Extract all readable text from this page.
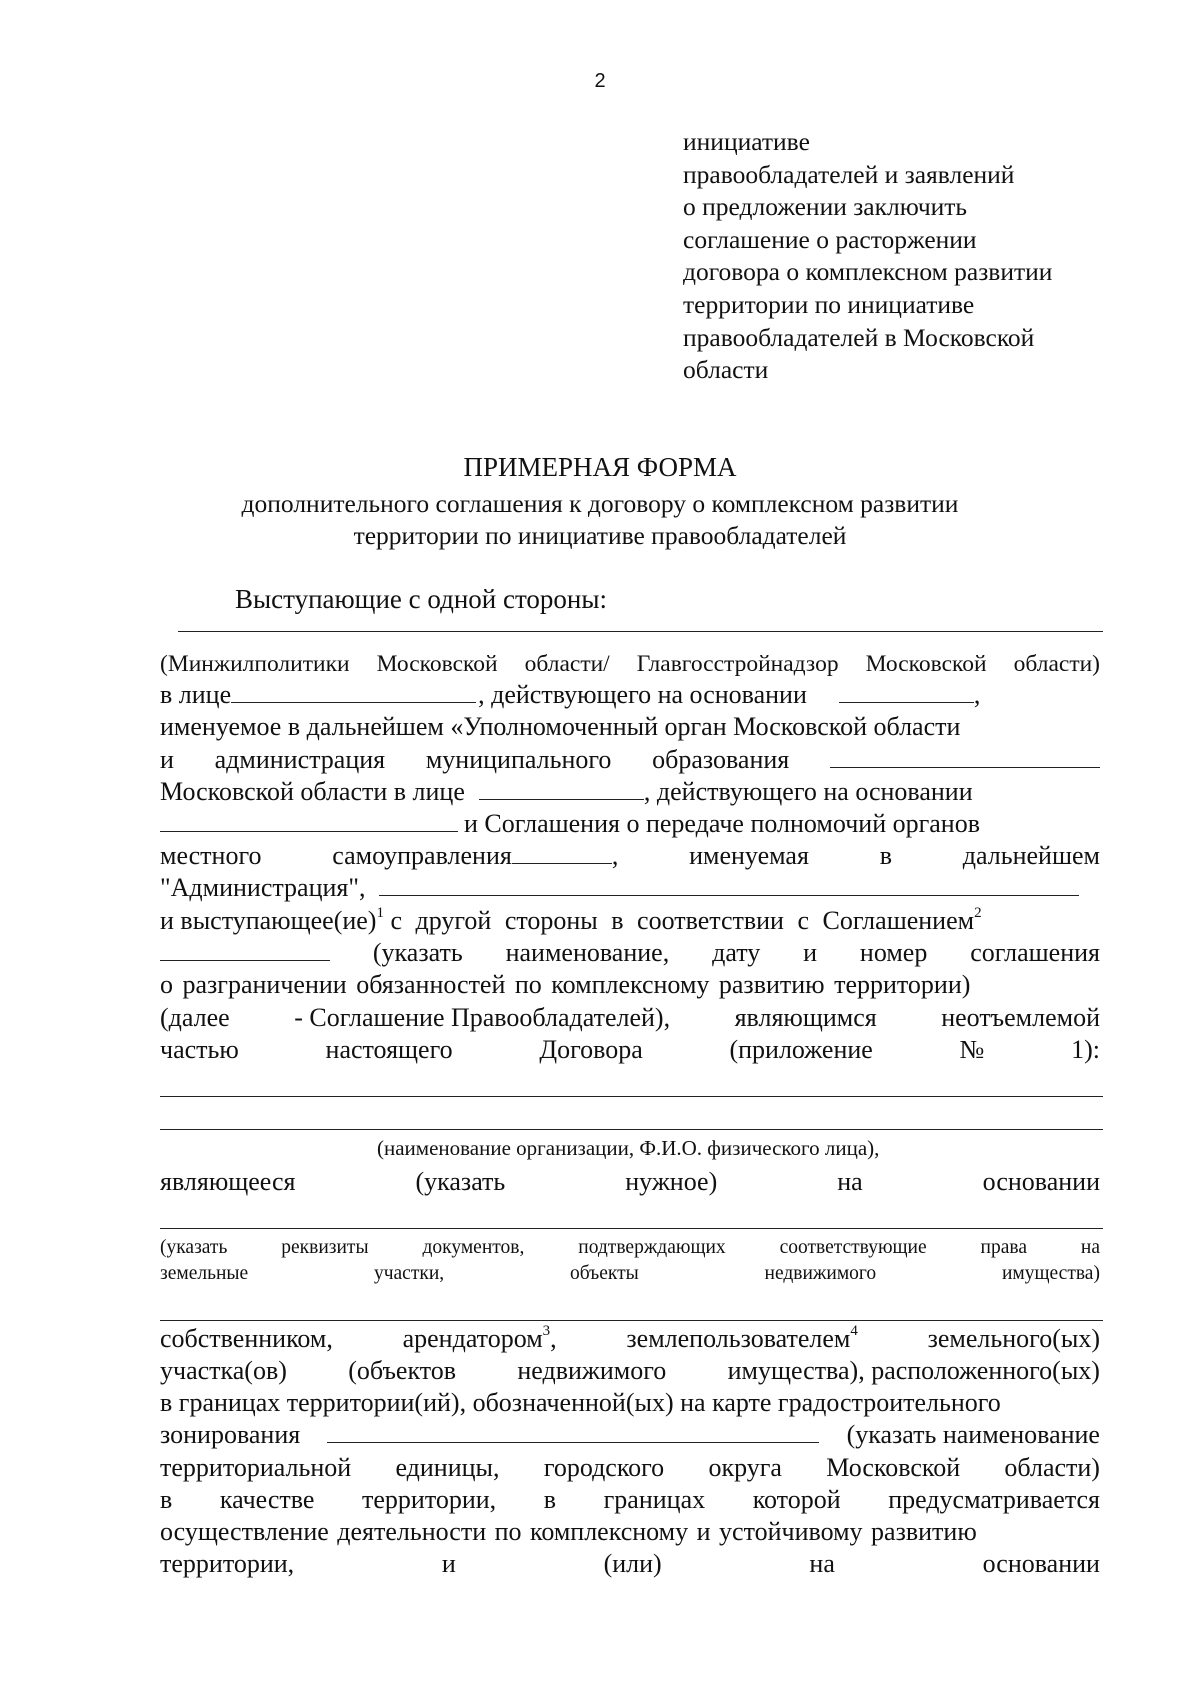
2
инициативе
правообладателей и заявлений
о предложении заключить
соглашение о расторжении
договора о комплексном развитии
территории по инициативе
правообладателей в Московской
области
ПРИМЕРНАЯ ФОРМА
дополнительного соглашения к договору о комплексном развитии
территории по инициативе правообладателей
Выступающие с одной стороны:
(Минжилполитики Московской области/ Главгосстройнадзор Московской области)
в лице	, действующего на основании	,
именуемое в дальнейшем «Уполномоченный орган Московской области
и администрация муниципального образования
Московской области в лице	, действующего на основании
и Соглашения о передаче полномочий органов
местного	самоуправления	,	именуемая	в	дальнейшем
"Администрация",
и выступающее(ие)$^1$ с другой стороны в соответствии с Соглашением$^2$
(указать наименование, дату и номер соглашения
о разграничении обязанностей по комплексному развитию территории)
(далее - Соглашение Правообладателей), являющимся неотъемлемой
частью	настоящего	Договора	(приложение	№	1):
(наименование организации, Ф.И.О. физического лица),
являющееся	(указать	нужное)	на	основании
(указать	реквизиты	документов,	подтверждающих	соответствующие	права	на
земельные	участки,	объекты	недвижимого	имущества)
собственником,	арендатором$^3$,	землепользователем$^4$	земельного(ых)
участка(ов) (объектов недвижимого имущества), расположенного(ых)
в границах территории(ий), обозначенной(ых) на карте градостроительного
зонирования	(указать наименование
территориальной единицы, городского округа Московской области)
в качестве территории, в границах которой предусматривается
осуществление деятельности по комплексному и устойчивому развитию
территории,	и	(или)	на	основании
